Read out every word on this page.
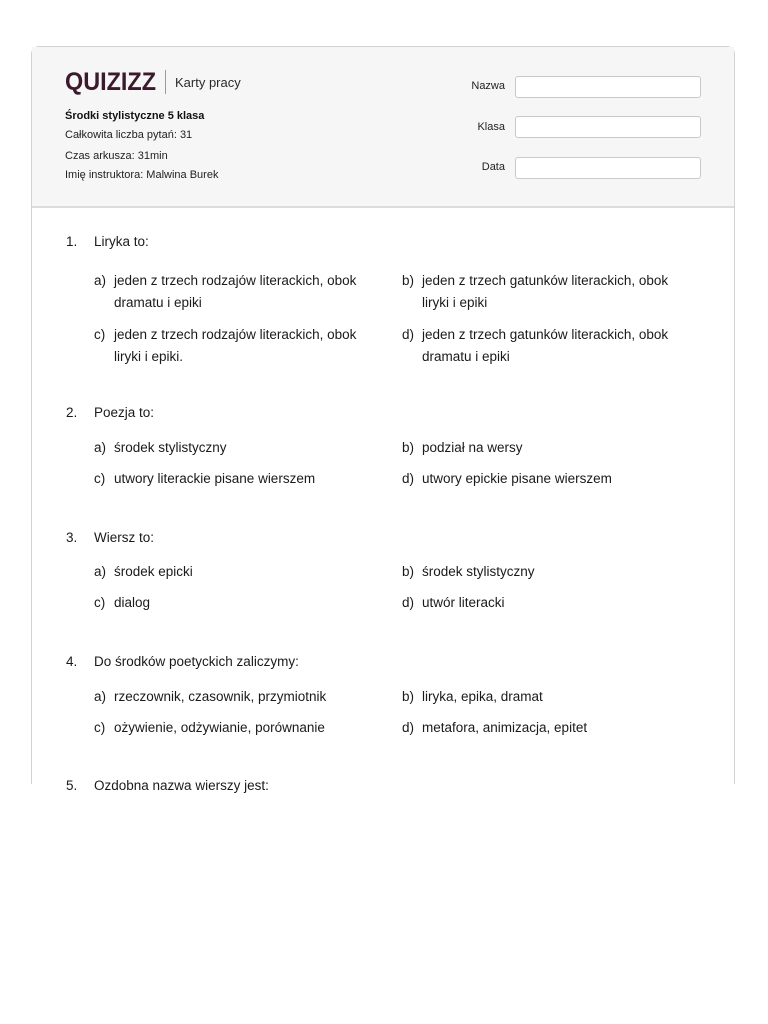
QUIZIZZ Karty pracy
Środki stylistyczne 5 klasa
Całkowita liczba pytań: 31
Czas arkusza: 31min
Imię instruktora: Malwina Burek
Nazwa
Klasa
Data
1. Liryka to:
a) jeden z trzech rodzajów literackich, obok dramatu i epiki
b) jeden z trzech gatunków literackich, obok liryki i epiki
c) jeden z trzech rodzajów literackich, obok liryki i epiki.
d) jeden z trzech gatunków literackich, obok dramatu i epiki
2. Poezja to:
a) środek stylistyczny	b) podział na wersy
c) utwory literackie pisane wierszem	d) utwory epickie pisane wierszem
3. Wiersz to:
a) środek epicki	b) środek stylistyczny
c) dialog	d) utwór literacki
4. Do środków poetyckich zaliczymy:
a) rzeczownik, czasownik, przymiotnik	b) liryka, epika, dramat
c) ożywienie, odżywianie, porównanie	d) metafora, animizacja, epitet
5. Ozdobna nazwa wierszy jest:
